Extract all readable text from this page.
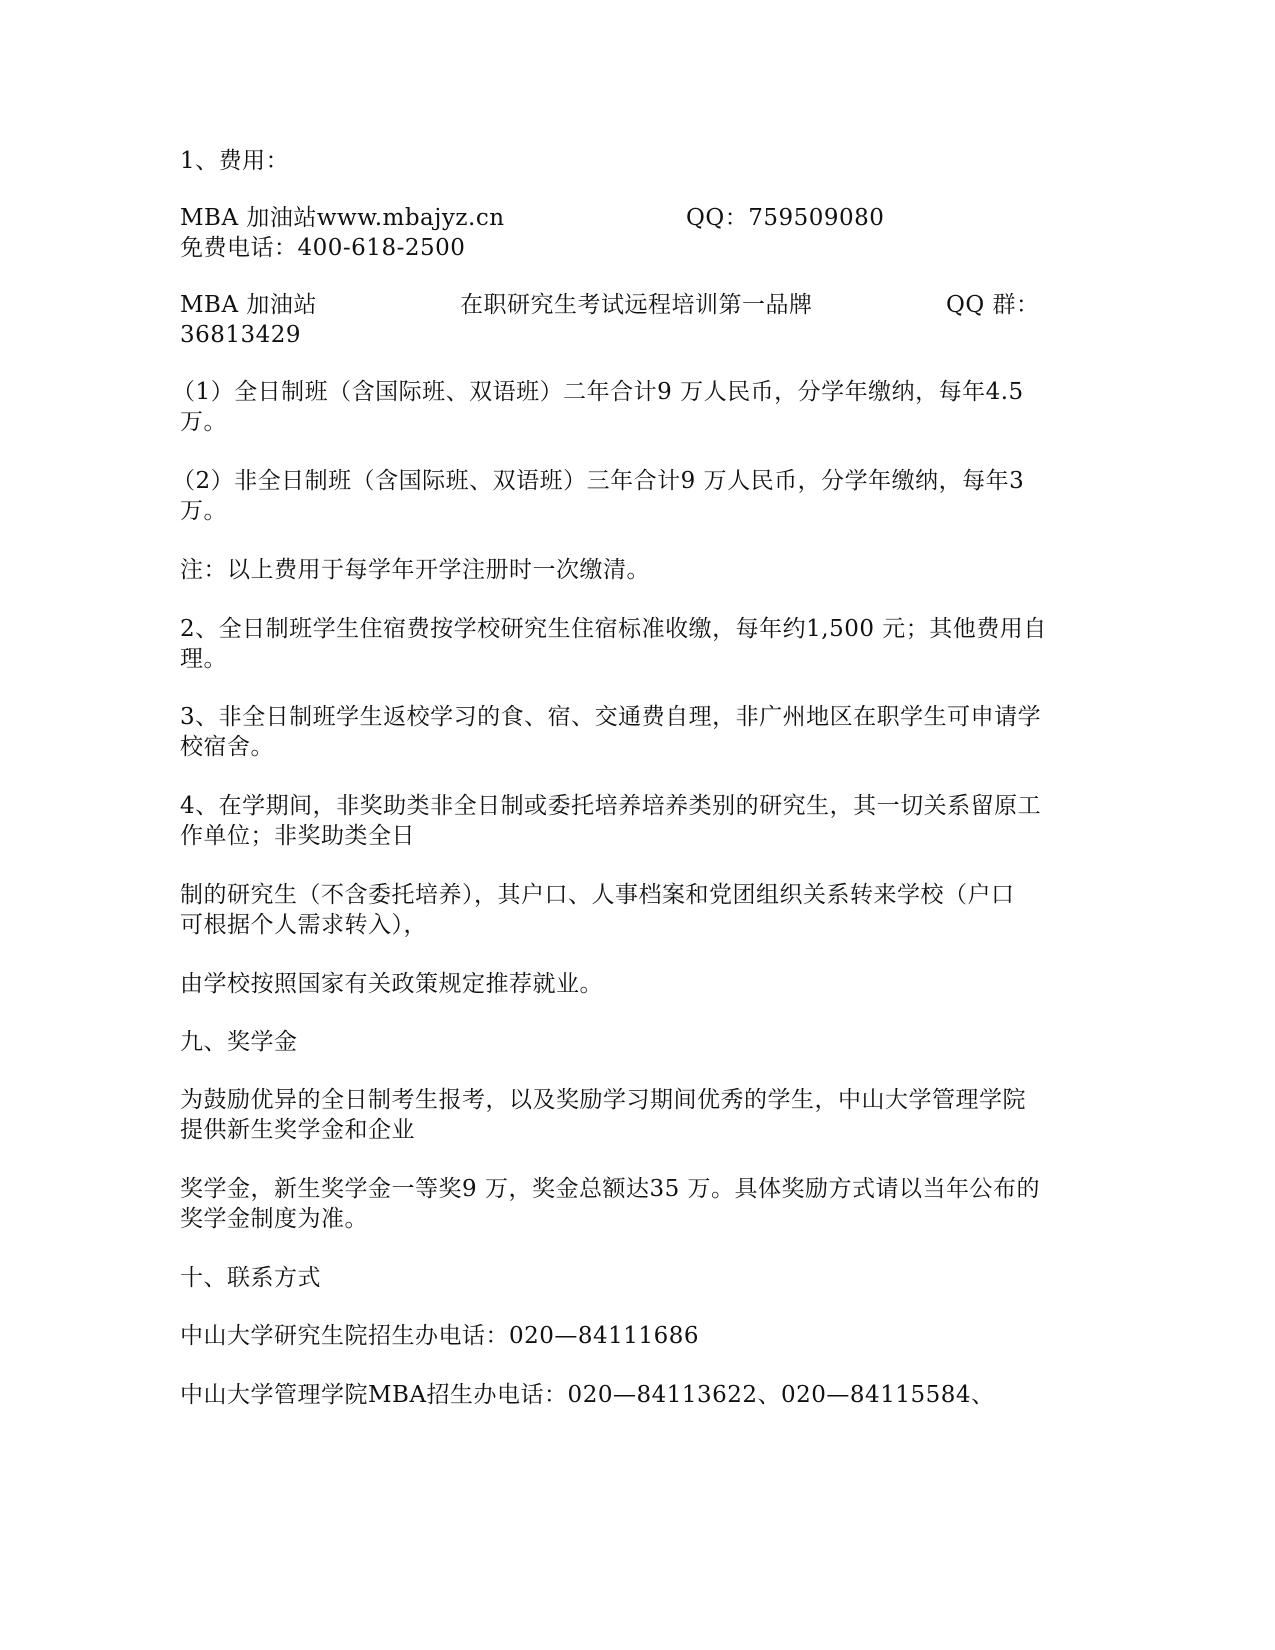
1、费用：

MBA 加油站www.mbajyz.cn	QQ：759509080

免费电话：400-618-2500

MBA 加油站	在职研究生考试远程培训第一品牌	QQ 群：

36813429

（1）全日制班（含国际班、双语班）二年合计9 万人民币，分学年缴纳，每年4.5

万。

（2）非全日制班（含国际班、双语班）三年合计9 万人民币，分学年缴纳，每年3

万。

注：以上费用于每学年开学注册时一次缴清。

2、全日制班学生住宿费按学校研究生住宿标准收缴，每年约1,500 元；其他费用自

理。

3、非全日制班学生返校学习的食、宿、交通费自理，非广州地区在职学生可申请学

校宿舍。

4、在学期间，非奖助类非全日制或委托培养培养类别的研究生，其一切关系留原工

作单位；非奖助类全日

制的研究生（不含委托培养），其户口、人事档案和党团组织关系转来学校（户口

可根据个人需求转入），

由学校按照国家有关政策规定推荐就业。

九、奖学金

为鼓励优异的全日制考生报考，以及奖励学习期间优秀的学生，中山大学管理学院

提供新生奖学金和企业

奖学金，新生奖学金一等奖9 万，奖金总额达35 万。具体奖励方式请以当年公布的

奖学金制度为准。

十、联系方式

中山大学研究生院招生办电话：020—84111686

中山大学管理学院MBA招生办电话：020—84113622、020—84115584、
